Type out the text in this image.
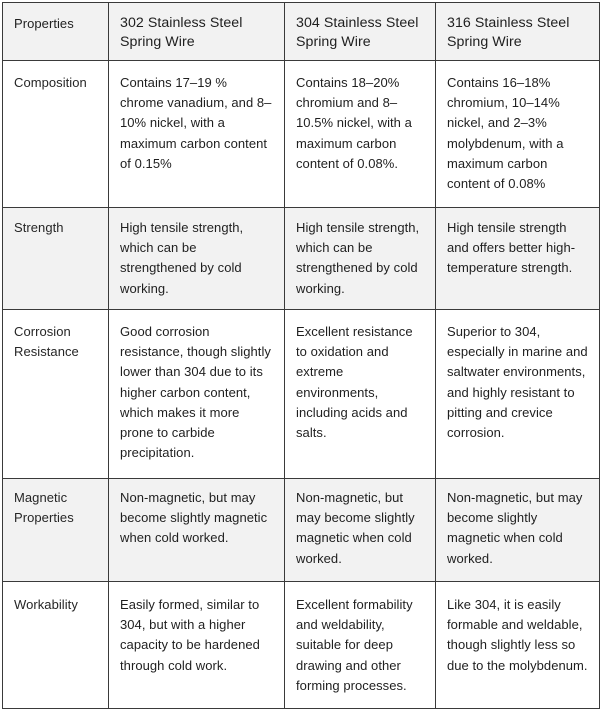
Properties	302 Stainless Steel Spring Wire	304 Stainless Steel Spring Wire	316 Stainless Steel Spring Wire
Composition	Contains 17–19 % chrome vanadium, and 8–10% nickel, with a maximum carbon content of 0.15%	Contains 18–20% chromium and 8–10.5% nickel, with a maximum carbon content of 0.08%.	Contains 16–18% chromium, 10–14% nickel, and 2–3% molybdenum, with a maximum carbon content of 0.08%
Strength	High tensile strength, which can be strengthened by cold working.	High tensile strength, which can be strengthened by cold working.	High tensile strength and offers better high-temperature strength.
Corrosion Resistance	Good corrosion resistance, though slightly lower than 304 due to its higher carbon content, which makes it more prone to carbide precipitation.	Excellent resistance to oxidation and extreme environments, including acids and salts.	Superior to 304, especially in marine and saltwater environments, and highly resistant to pitting and crevice corrosion.
Magnetic Properties	Non-magnetic, but may become slightly magnetic when cold worked.	Non-magnetic, but may become slightly magnetic when cold worked.	Non-magnetic, but may become slightly magnetic when cold worked.
Workability	Easily formed, similar to 304, but with a higher capacity to be hardened through cold work.	Excellent formability and weldability, suitable for deep drawing and other forming processes.	Like 304, it is easily formable and weldable, though slightly less so due to the molybdenum.
